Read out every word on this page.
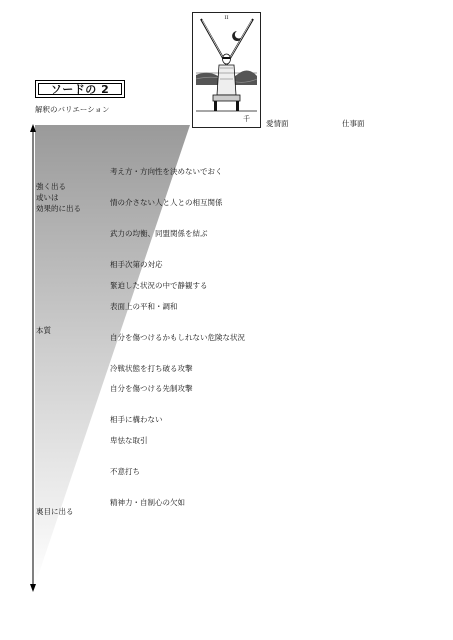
II
千
ソードの 2
解釈のバリエーション
愛情面	仕事面
強く出る
或いは
効果的に出る
本質
裏目に出る
考え方・方向性を決めないでおく
情の介さない人と人との相互関係
武力の均衡、同盟関係を結ぶ
相手次第の対応
緊迫した状況の中で静観する
表面上の平和・調和
自分を傷つけるかもしれない危険な状況
冷戦状態を打ち破る攻撃
自分を傷つける先制攻撃
相手に構わない
卑怯な取引
不意打ち
精神力・自制心の欠如
